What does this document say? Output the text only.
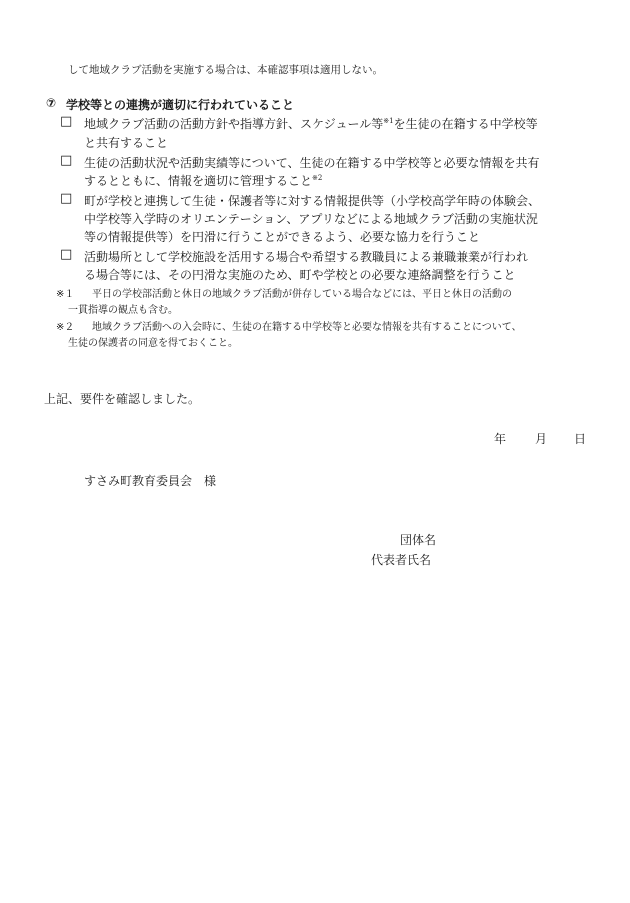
して地域クラブ活動を実施する場合は、本確認事項は適用しない。
⑦ 学校等との連携が適切に行われていること
□ 地域クラブ活動の活動方針や指導方針、スケジュール等$^{※1}$を生徒の在籍する中学校等
と共有すること
□ 生徒の活動状況や活動実績等について、生徒の在籍する中学校等と必要な情報を共有
するとともに、情報を適切に管理すること$^{※2}$
□ 町が学校と連携して生徒・保護者等に対する情報提供等（小学校高学年時の体験会、
中学校等入学時のオリエンテーション、アプリなどによる地域クラブ活動の実施状況
等の情報提供等）を円滑に行うことができるよう、必要な協力を行うこと
□ 活動場所として学校施設を活用する場合や希望する教職員による兼職兼業が行われ
る場合等には、その円滑な実施のため、町や学校との必要な連絡調整を行うこと
※１ 平日の学校部活動と休日の地域クラブ活動が併存している場合などには、平日と休日の活動の
一貫指導の観点も含む。
※２ 地域クラブ活動への入会時に、生徒の在籍する中学校等と必要な情報を共有することについて、
生徒の保護者の同意を得ておくこと。
上記、要件を確認しました。
年 月 日
すさみ町教育委員会　様
団体名
代表者氏名
